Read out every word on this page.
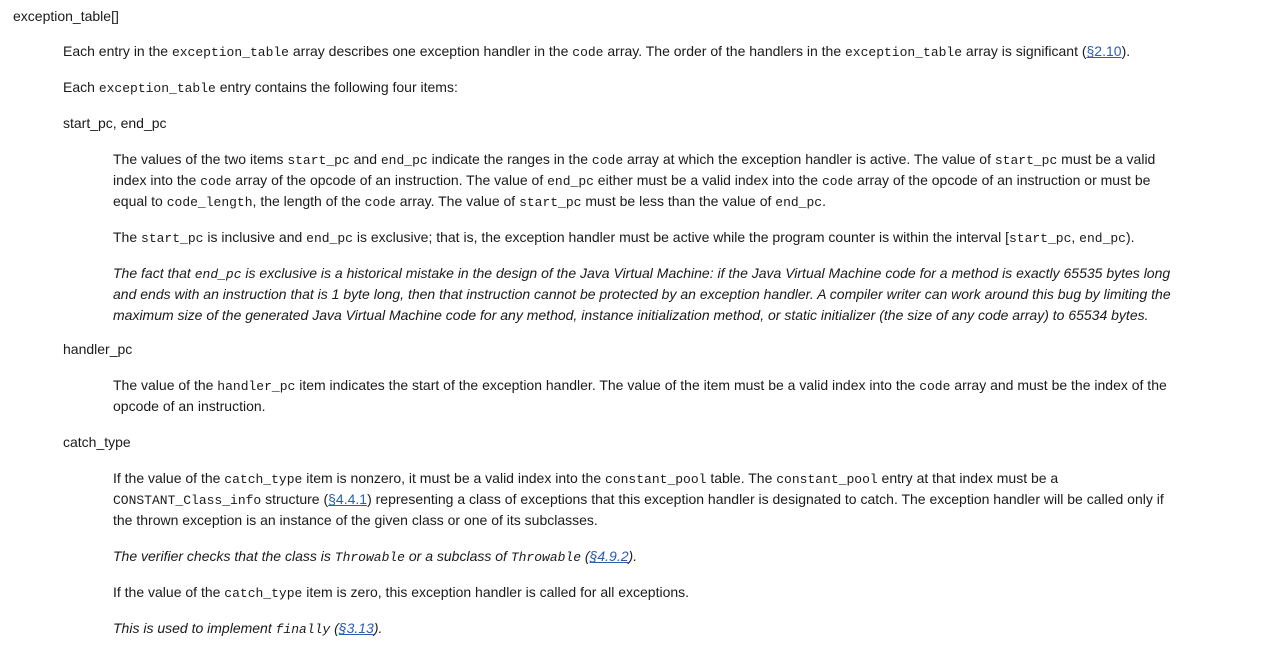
exception_table[]

Each entry in the exception_table array describes one exception handler in the code array. The order of the handlers in the exception_table array is significant (§2.10).

Each exception_table entry contains the following four items:

start_pc, end_pc

The values of the two items start_pc and end_pc indicate the ranges in the code array at which the exception handler is active. The value of start_pc must be a valid

index into the code array of the opcode of an instruction. The value of end_pc either must be a valid index into the code array of the opcode of an instruction or must be

equal to code_length, the length of the code array. The value of start_pc must be less than the value of end_pc.

The start_pc is inclusive and end_pc is exclusive; that is, the exception handler must be active while the program counter is within the interval [start_pc, end_pc).

The fact that end_pc is exclusive is a historical mistake in the design of the Java Virtual Machine: if the Java Virtual Machine code for a method is exactly 65535 bytes long

and ends with an instruction that is 1 byte long, then that instruction cannot be protected by an exception handler. A compiler writer can work around this bug by limiting the

maximum size of the generated Java Virtual Machine code for any method, instance initialization method, or static initializer (the size of any code array) to 65534 bytes.

handler_pc

The value of the handler_pc item indicates the start of the exception handler. The value of the item must be a valid index into the code array and must be the index of the

opcode of an instruction.

catch_type

If the value of the catch_type item is nonzero, it must be a valid index into the constant_pool table. The constant_pool entry at that index must be a

CONSTANT_Class_info structure (§4.4.1) representing a class of exceptions that this exception handler is designated to catch. The exception handler will be called only if

the thrown exception is an instance of the given class or one of its subclasses.

The verifier checks that the class is Throwable or a subclass of Throwable (§4.9.2).

If the value of the catch_type item is zero, this exception handler is called for all exceptions.

This is used to implement finally (§3.13).
